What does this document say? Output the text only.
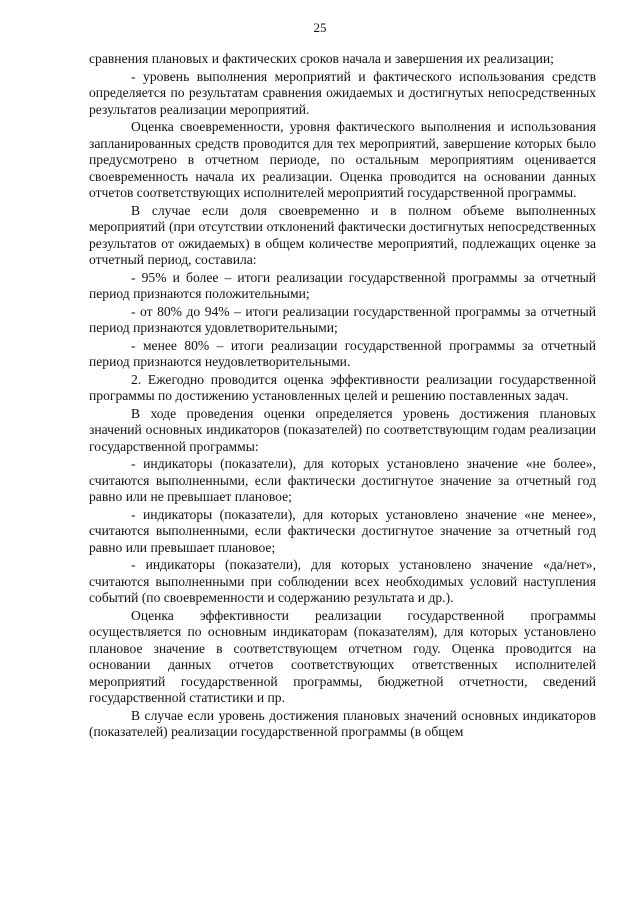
25

сравнения плановых и фактических сроков начала и завершения их реализации;

- уровень выполнения мероприятий и фактического использования средств определяется по результатам сравнения ожидаемых и достигнутых непосредственных результатов реализации мероприятий.

Оценка своевременности, уровня фактического выполнения и использования запланированных средств проводится для тех мероприятий, завершение которых было предусмотрено в отчетном периоде, по остальным мероприятиям оценивается своевременность начала их реализации. Оценка проводится на основании данных отчетов соответствующих исполнителей мероприятий государственной программы.

В случае если доля своевременно и в полном объеме выполненных мероприятий (при отсутствии отклонений фактически достигнутых непосредственных результатов от ожидаемых) в общем количестве мероприятий, подлежащих оценке за отчетный период, составила:

- 95% и более – итоги реализации государственной программы за отчетный период признаются положительными;

- от 80% до 94% – итоги реализации государственной программы за отчетный период признаются удовлетворительными;

- менее 80% – итоги реализации государственной программы за отчетный период признаются неудовлетворительными.

2. Ежегодно проводится оценка эффективности реализации государственной программы по достижению установленных целей и решению поставленных задач.

В ходе проведения оценки определяется уровень достижения плановых значений основных индикаторов (показателей) по соответствующим годам реализации государственной программы:

- индикаторы (показатели), для которых установлено значение «не более», считаются выполненными, если фактически достигнутое значение за отчетный год равно или не превышает плановое;

- индикаторы (показатели), для которых установлено значение «не менее», считаются выполненными, если фактически достигнутое значение за отчетный год равно или превышает плановое;

- индикаторы (показатели), для которых установлено значение «да/нет», считаются выполненными при соблюдении всех необходимых условий наступления событий (по своевременности и содержанию результата и др.).

Оценка эффективности реализации государственной программы осуществляется по основным индикаторам (показателям), для которых установлено плановое значение в соответствующем отчетном году. Оценка проводится на основании данных отчетов соответствующих ответственных исполнителей мероприятий государственной программы, бюджетной отчетности, сведений государственной статистики и пр.

В случае если уровень достижения плановых значений основных индикаторов (показателей) реализации государственной программы (в общем
